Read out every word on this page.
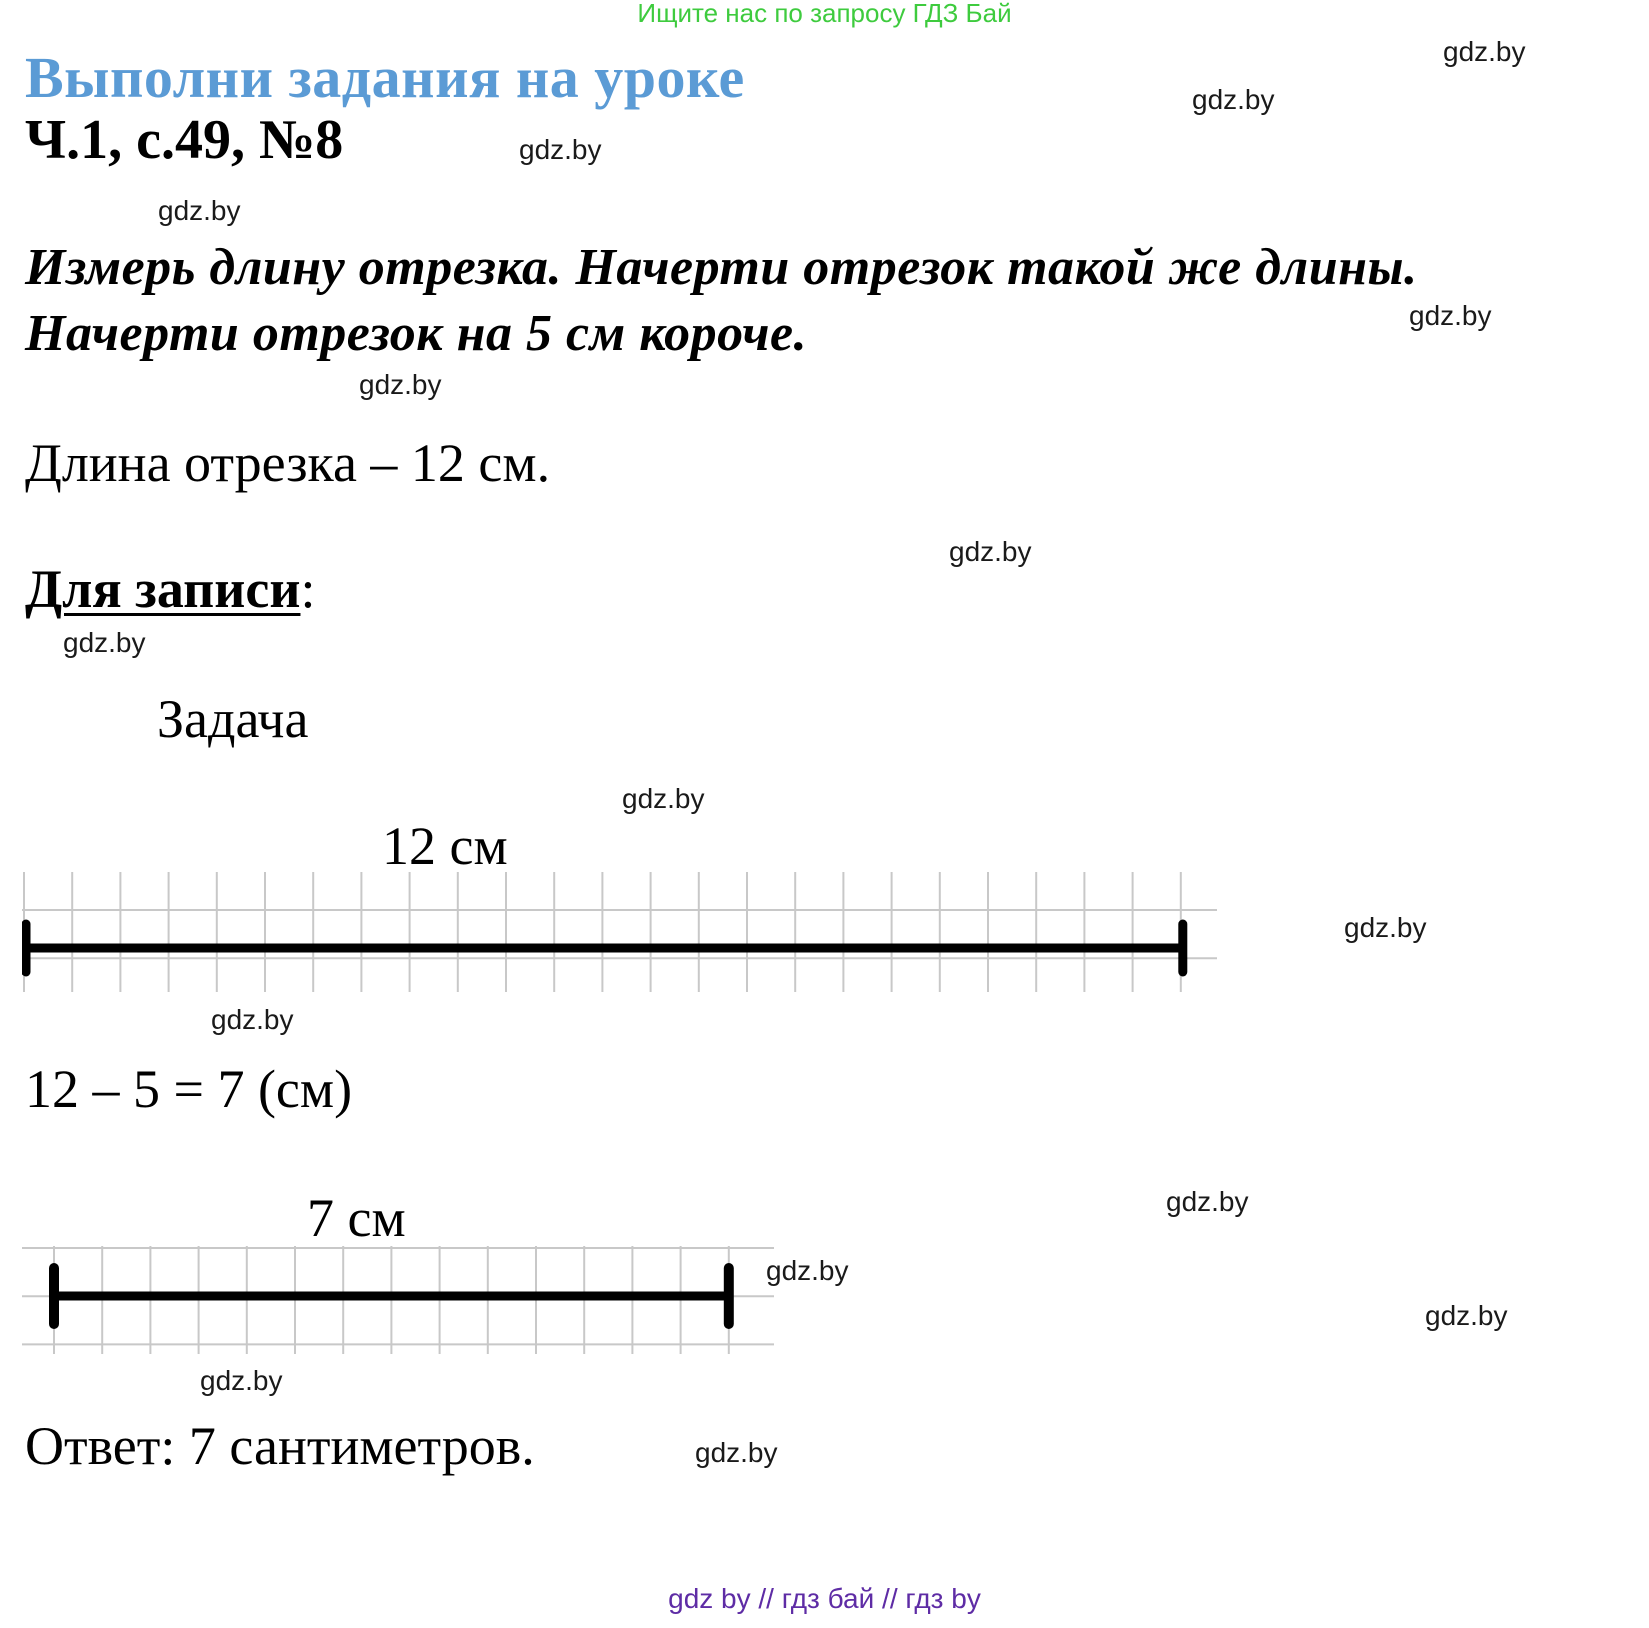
Ищите нас по запросу ГДЗ Бай
Выполни задания на уроке
Ч.1, с.49, №8
Измерь длину отрезка. Начерти отрезок такой же длины.
Начерти отрезок на 5 см короче.
Длина отрезка – 12 см.
Для записи:
Задача
12 см
12 – 5 = 7 (см)
7 см
Ответ: 7 сантиметров.
gdz.by
gdz.by
gdz.by
gdz.by
gdz.by
gdz.by
gdz.by
gdz.by
gdz.by
gdz.by
gdz.by
gdz.by
gdz.by
gdz.by
gdz.by
gdz.by
gdz by // гдз бай // гдз by
